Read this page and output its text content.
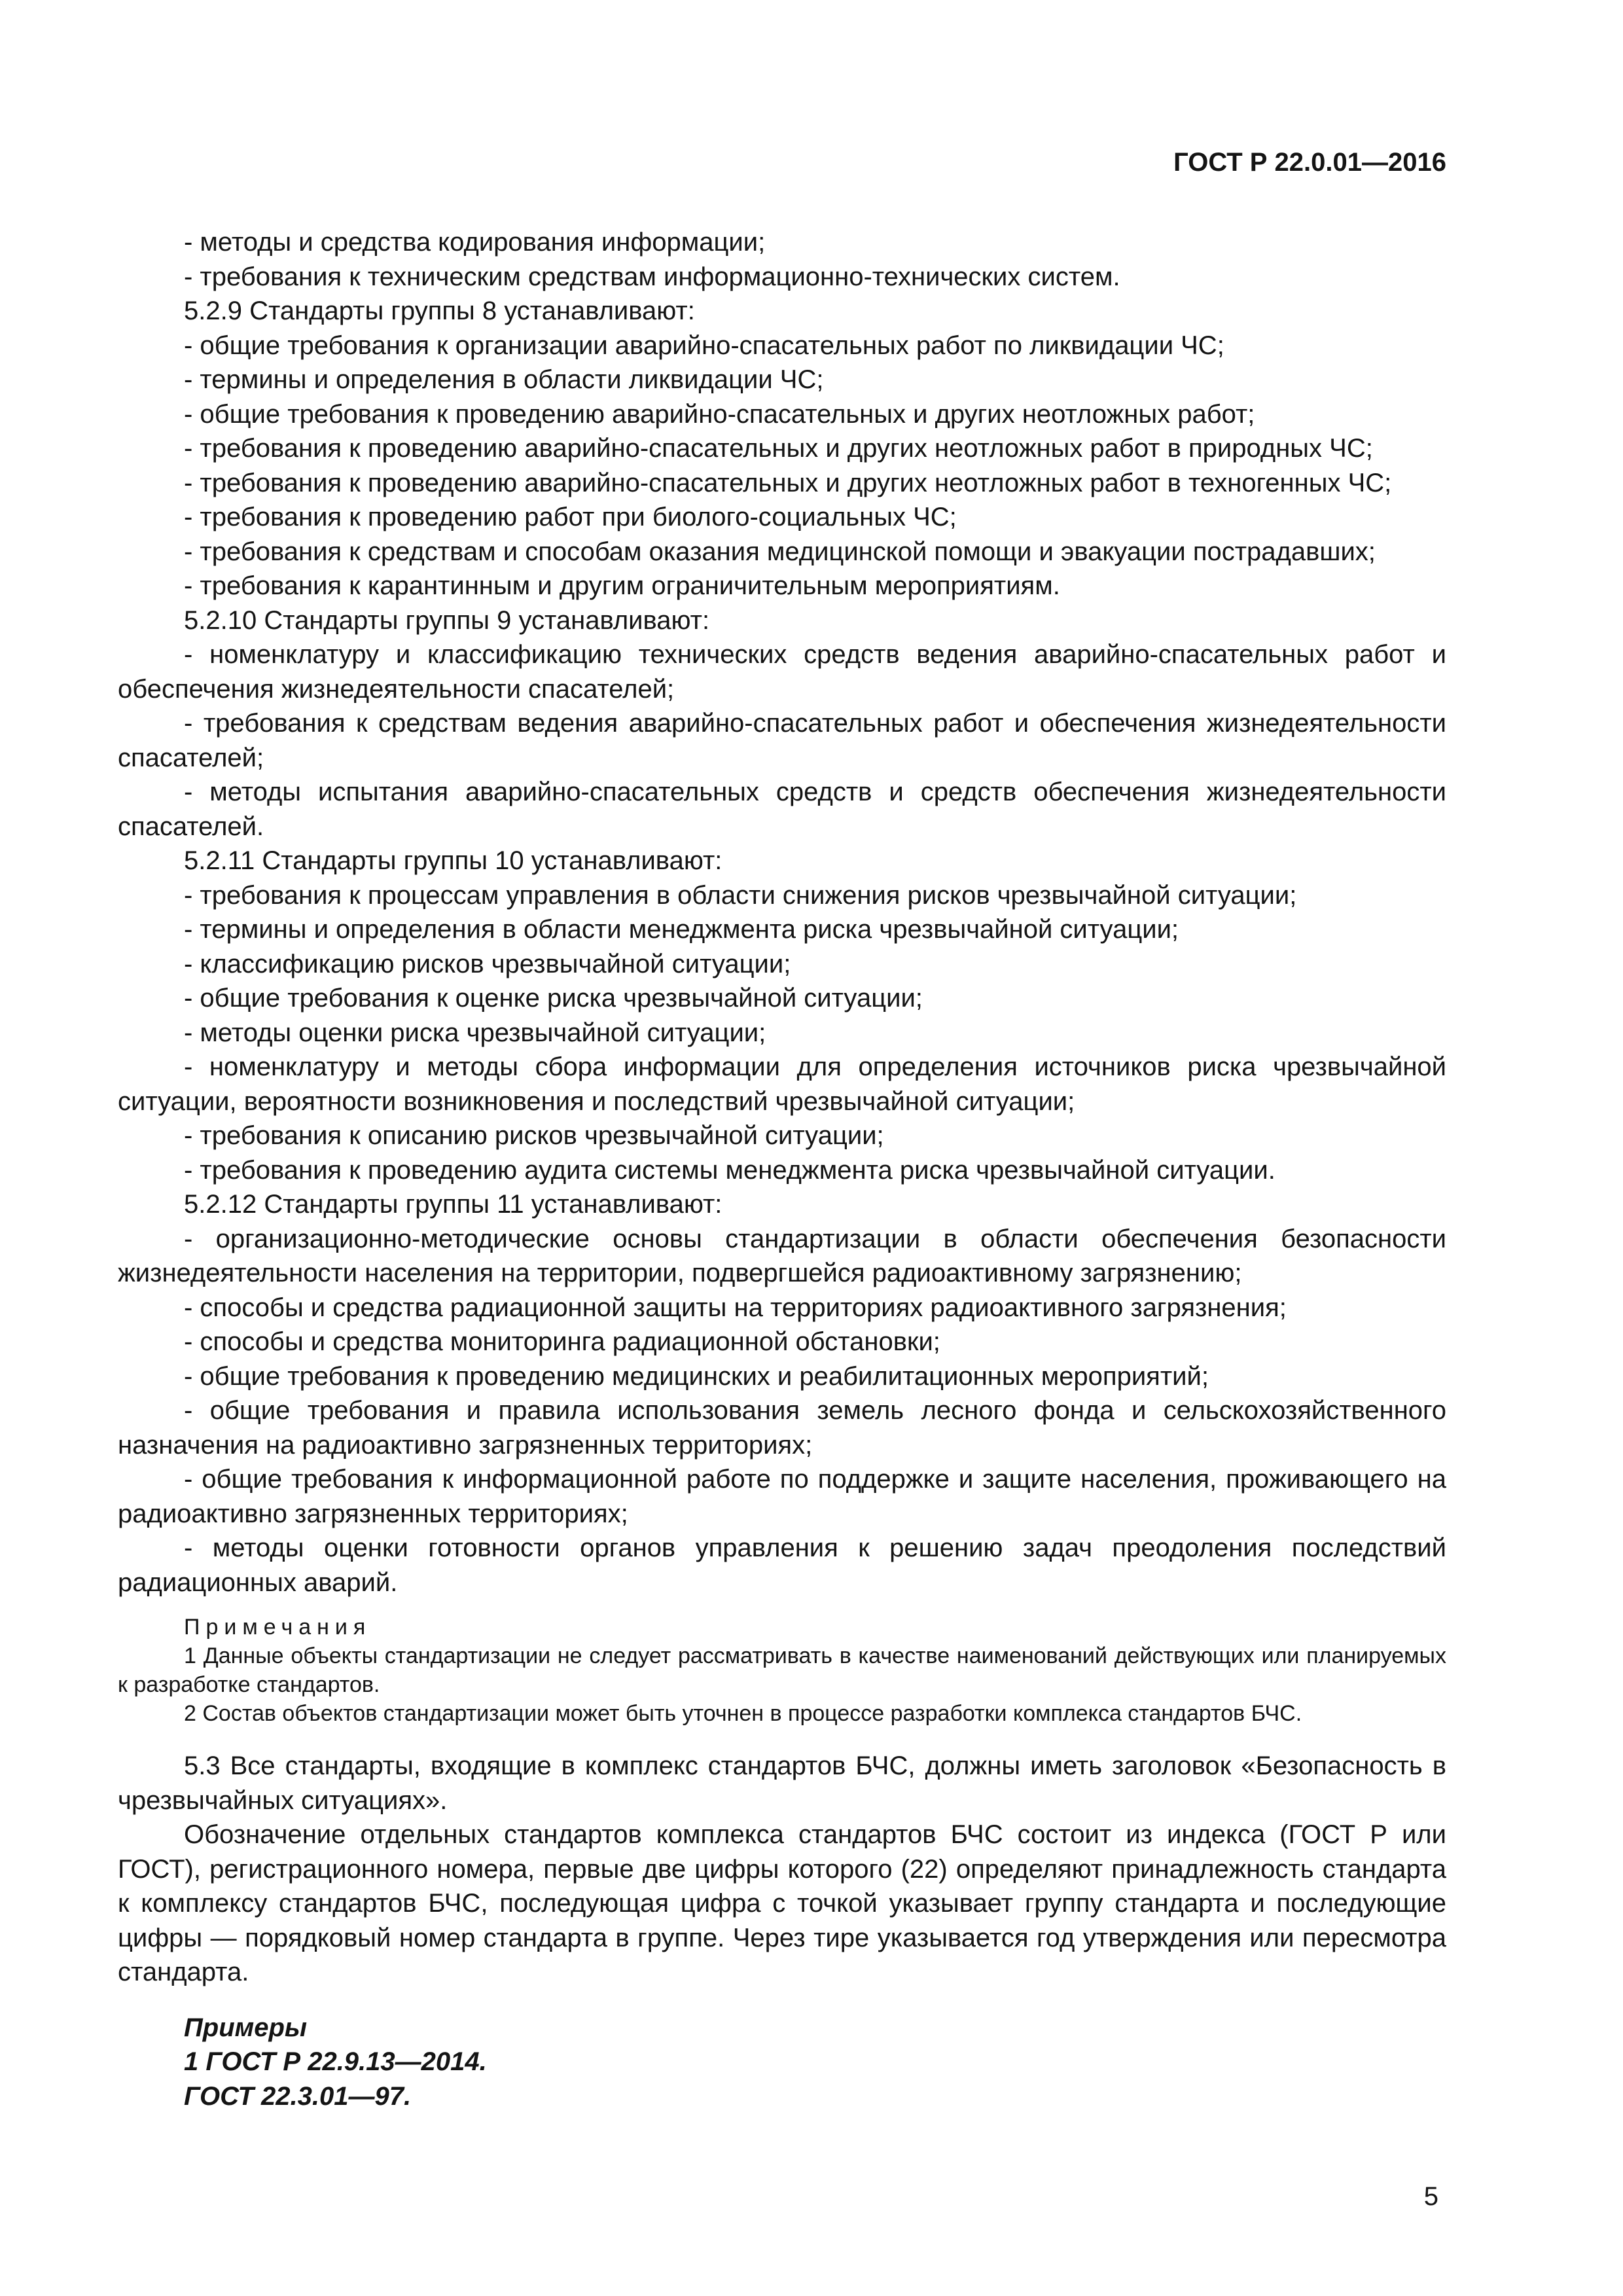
ГОСТ Р 22.0.01—2016

- методы и средства кодирования информации;

- требования к техническим средствам информационно-технических систем.

5.2.9 Стандарты группы 8 устанавливают:

- общие требования к организации аварийно-спасательных работ по ликвидации ЧС;

- термины и определения в области ликвидации ЧС;

- общие требования к проведению аварийно-спасательных и других неотложных работ;

- требования к проведению аварийно-спасательных и других неотложных работ в природных ЧС;

- требования к проведению аварийно-спасательных и других неотложных работ в техногенных ЧС;

- требования к проведению работ при биолого-социальных ЧС;

- требования к средствам и способам оказания медицинской помощи и эвакуации пострадавших;

- требования к карантинным и другим ограничительным мероприятиям.

5.2.10 Стандарты группы 9 устанавливают:

- номенклатуру и классификацию технических средств ведения аварийно-спасательных работ и обеспечения жизнедеятельности спасателей;

- требования к средствам ведения аварийно-спасательных работ и обеспечения жизнедеятельности спасателей;

- методы испытания аварийно-спасательных средств и средств обеспечения жизнедеятельности спасателей.

5.2.11 Стандарты группы 10 устанавливают:

- требования к процессам управления в области снижения рисков чрезвычайной ситуации;

- термины и определения в области менеджмента риска чрезвычайной ситуации;

- классификацию рисков чрезвычайной ситуации;

- общие требования к оценке риска чрезвычайной ситуации;

- методы оценки риска чрезвычайной ситуации;

- номенклатуру и методы сбора информации для определения источников риска чрезвычайной ситуации, вероятности возникновения и последствий чрезвычайной ситуации;

- требования к описанию рисков чрезвычайной ситуации;

- требования к проведению аудита системы менеджмента риска чрезвычайной ситуации.

5.2.12 Стандарты группы 11 устанавливают:

- организационно-методические основы стандартизации в области обеспечения безопасности жизнедеятельности населения на территории, подвергшейся радиоактивному загрязнению;

- способы и средства радиационной защиты на территориях радиоактивного загрязнения;

- способы и средства мониторинга радиационной обстановки;

- общие требования к проведению медицинских и реабилитационных мероприятий;

- общие требования и правила использования земель лесного фонда и сельскохозяйственного назначения на радиоактивно загрязненных территориях;

- общие требования к информационной работе по поддержке и защите населения, проживающего на радиоактивно загрязненных территориях;

- методы оценки готовности органов управления к решению задач преодоления последствий радиационных аварий.

Примечания

1 Данные объекты стандартизации не следует рассматривать в качестве наименований действующих или планируемых к разработке стандартов.

2 Состав объектов стандартизации может быть уточнен в процессе разработки комплекса стандартов БЧС.

5.3 Все стандарты, входящие в комплекс стандартов БЧС, должны иметь заголовок «Безопасность в чрезвычайных ситуациях».

Обозначение отдельных стандартов комплекса стандартов БЧС состоит из индекса (ГОСТ Р или ГОСТ), регистрационного номера, первые две цифры которого (22) определяют принадлежность стандарта к комплексу стандартов БЧС, последующая цифра с точкой указывает группу стандарта и последующие цифры — порядковый номер стандарта в группе. Через тире указывается год утверждения или пересмотра стандарта.

Примеры

1 ГОСТ Р 22.9.13—2014.

ГОСТ 22.3.01—97.

5
